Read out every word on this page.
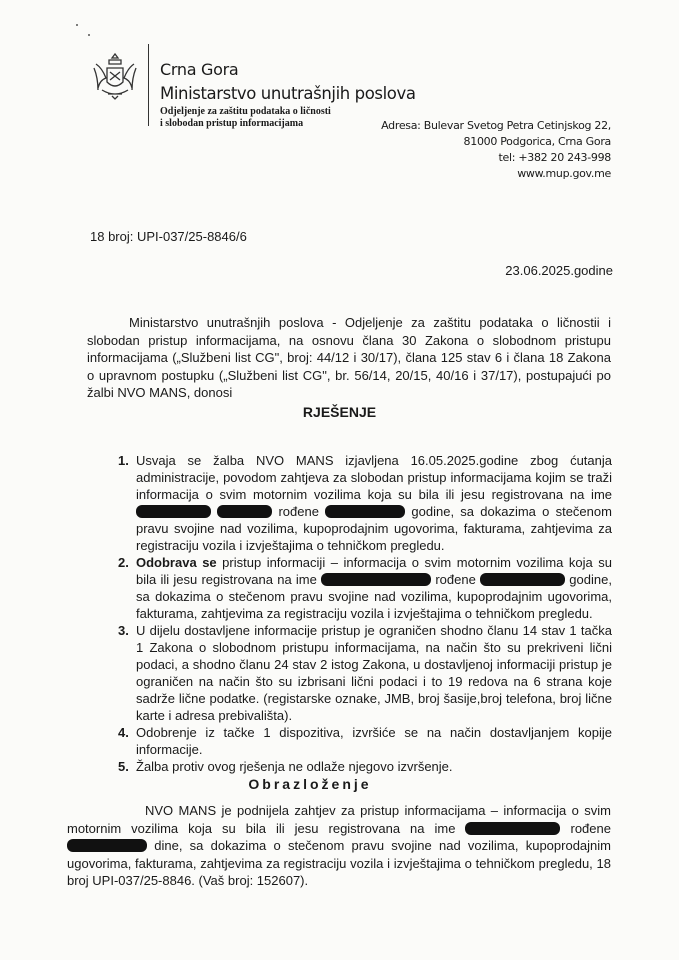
Crna Gora
Ministarstvo unutrašnjih poslova
Odjeljenje za zaštitu podataka o ličnosti
i slobodan pristup informacijama	Adresa: Bulevar Svetog Petra Cetinjskog 22,
81000 Podgorica, Crna Gora
tel: +382 20 243-998
www.mup.gov.me
18 broj: UPI-037/25-8846/6
23.06.2025.godine
Ministarstvo unutrašnjih poslova - Odjeljenje za zaštitu podataka o ličnostii i slobodan pristup informacijama, na osnovu člana 30 Zakona o slobodnom pristupu informacijama („Službeni list CG", broj: 44/12 i 30/17), člana 125 stav 6 i člana 18 Zakona o upravnom postupku („Službeni list CG", br. 56/14, 20/15, 40/16 i 37/17), postupajući po žalbi NVO MANS, donosi
RJEŠENJE
1. Usvaja se žalba NVO MANS izjavljena 16.05.2025.godine zbog ćutanja administracije, povodom zahtjeva za slobodan pristup informacijama kojim se traži informacija o svim motornim vozilima koja su bila ili jesu registrovana na ime   rođene	godine, sa dokazima o stečenom pravu svojine nad vozilima, kupoprodajnim ugovorima, fakturama, zahtjevima za registraciju vozila i izvještajima o tehničkom pregledu.
2. Odobrava se pristup informaciji – informacija o svim motornim vozilima koja su bila ili jesu registrovana na ime	rođene	godine, sa dokazima o stečenom pravu svojine nad vozilima, kupoprodajnim ugovorima, fakturama, zahtjevima za registraciju vozila i izvještajima o tehničkom pregledu.
3. U dijelu dostavljene informacije pristup je ograničen shodno članu 14 stav 1 tačka 1 Zakona o slobodnom pristupu informacijama, na način što su prekriveni lični podaci, a shodno članu 24 stav 2 istog Zakona, u dostavljenoj informaciji pristup je ograničen na način što su izbrisani lični podaci i to 19 redova na 6 strana koje sadrže lične podatke. (registarske oznake, JMB, broj šasije,broj telefona, broj lične karte i adresa prebivališta).
4. Odobrenje iz tačke 1 dispozitiva, izvršiće se na način dostavljanjem kopije informacije.
5. Žalba protiv ovog rješenja ne odlaže njegovo izvršenje.
Obrazloženje
NVO MANS je podnijela zahtjev za pristup informacijama – informacija o svim motornim vozilima koja su bila ili jesu registrovana na ime	rođene  dine, sa dokazima o stečenom pravu svojine nad vozilima, kupoprodajnim ugovorima, fakturama, zahtjevima za registraciju vozila i izvještajima o tehničkom pregledu, 18 broj UPI-037/25-8846. (Vaš broj: 152607).
